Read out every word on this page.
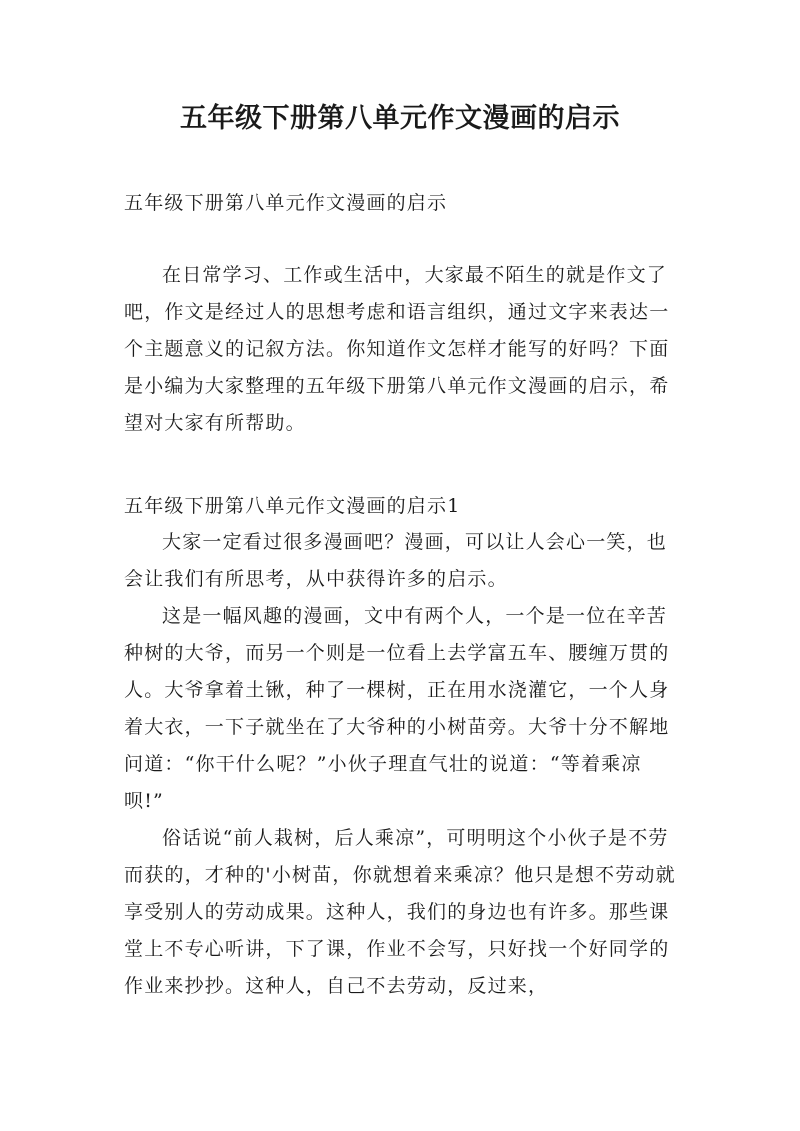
五年级下册第八单元作文漫画的启示

五年级下册第八单元作文漫画的启示

在日常学习、工作或生活中，大家最不陌生的就是作文了吧，作文是经过人的思想考虑和语言组织，通过文字来表达一个主题意义的记叙方法。你知道作文怎样才能写的好吗？下面是小编为大家整理的五年级下册第八单元作文漫画的启示，希望对大家有所帮助。

五年级下册第八单元作文漫画的启示1

大家一定看过很多漫画吧？漫画，可以让人会心一笑，也会让我们有所思考，从中获得许多的启示。

这是一幅风趣的漫画，文中有两个人，一个是一位在辛苦种树的大爷，而另一个则是一位看上去学富五车、腰缠万贯的人。大爷拿着土锹，种了一棵树，正在用水浇灌它，一个人身着大衣，一下子就坐在了大爷种的小树苗旁。大爷十分不解地问道：“你干什么呢？”小伙子理直气壮的说道：“等着乘凉呗!”

俗话说“前人栽树，后人乘凉”，可明明这个小伙子是不劳而获的，才种的'小树苗，你就想着来乘凉？他只是想不劳动就享受别人的劳动成果。这种人，我们的身边也有许多。那些课堂上不专心听讲，下了课，作业不会写，只好找一个好同学的作业来抄抄。这种人，自己不去劳动，反过来，
